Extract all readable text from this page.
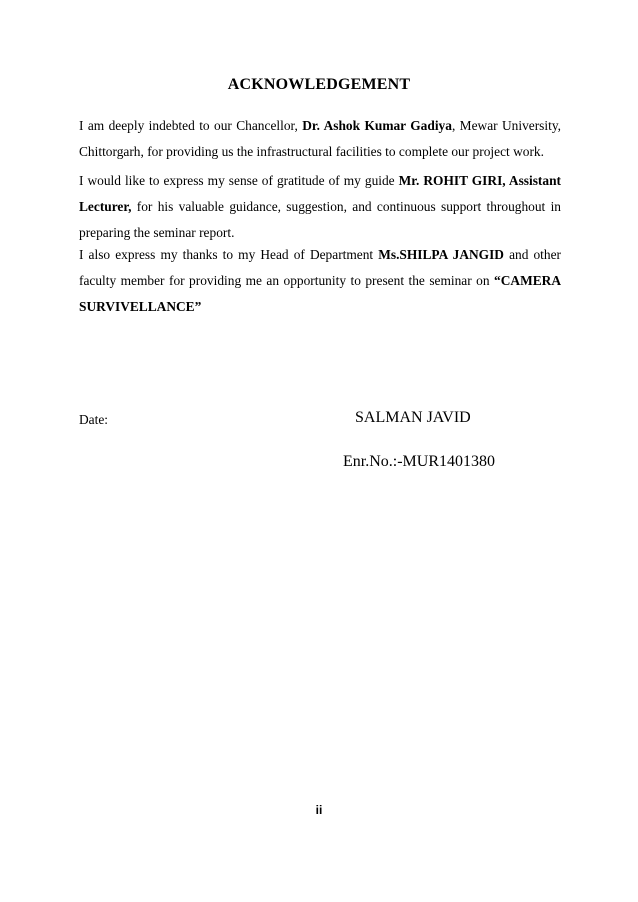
ACKNOWLEDGEMENT

I am deeply indebted to our Chancellor, Dr. Ashok Kumar Gadiya, Mewar University, Chittorgarh, for providing us the infrastructural facilities to complete our project work.

I would like to express my sense of gratitude of my guide Mr. ROHIT GIRI, Assistant Lecturer, for his valuable guidance, suggestion, and continuous support throughout in preparing the seminar report.

I also express my thanks to my Head of Department Ms.SHILPA JANGID and other faculty member for providing me an opportunity to present the seminar on “CAMERA SURVIVELLANCE”

Date:	SALMAN JAVID
Enr.No.:-MUR1401380
ii
